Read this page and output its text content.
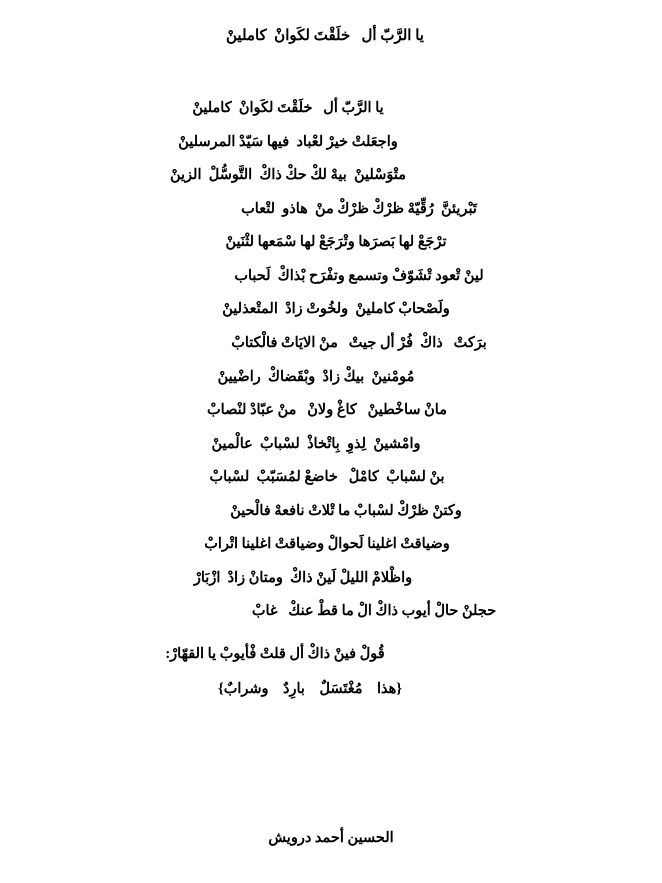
يا الرَّبّ أل   خلَقْتَ لكَوانْ  كاملينْ

يا الرَّبّ أل   خلَقْتَ لكَوانْ  كاملينْ

واجعَلتْ خيرْ لعْباد  فيها سَيّدْ المرسلينْ

متْوَسْلينْ  بيهْ لكْ حكْ ذاكْ  التَّوسُّلْ  الزينْ

تَبْريئنَّ  رُقِّيّهْ ظرْكْ ظرْكْ منْ  هاذو  لتْعاب

ترْجَعْ لها بَصرَها وتْرَجَعْ لها سْمَعها لثْنَينْ

لينْ تْعود تْشَوّفْ وتسمع وتفْرَح بْذاكْ  لَحباب

ولَصْحابْ كاملينْ  ولخُوتْ زادْ  المتْعذلينْ

برَكتْ   ذاكْ  فُرْ أل جيتْ   منْ الايَاتْ فالْكتابْ

مُومْنينْ  بيكْ زادْ  وبْقَضاكْ  راضْيينْ

مانْ ساخْطينْ   كاغْ ولانْ   منْ عبّادْ لنْصابْ

وامْشينْ  لِذوِ  بِاتْخاذْ  لسْبابْ  عالْمينْ

بنْ لسْبابْ  كامْلْ   خاضعْ لمُسَبّبْ  لسْبابْ

وكتنْ ظرْكْ لسْبابْ ما تْلاتْ نافعهْ فالْحينْ

وضياقتْ اغلينا لَحوالْ وضياقتْ اغلينا اتْرابْ

واظْلامْ الليلْ لَينْ ذاكْ  ومتانْ زادْ  ازْبَارْ

حجلنْ حالْ أيوب ذاكْ الْ ما قطْ عنكْ   غابْ

قُولْ فينْ ذاكْ أل قلتْ فْأيوبْ يا القهّارْ:

{هذا    مُغْتَسَلٌ    بارِدٌ    وشرابٌ}

الحسين أحمد درويش
